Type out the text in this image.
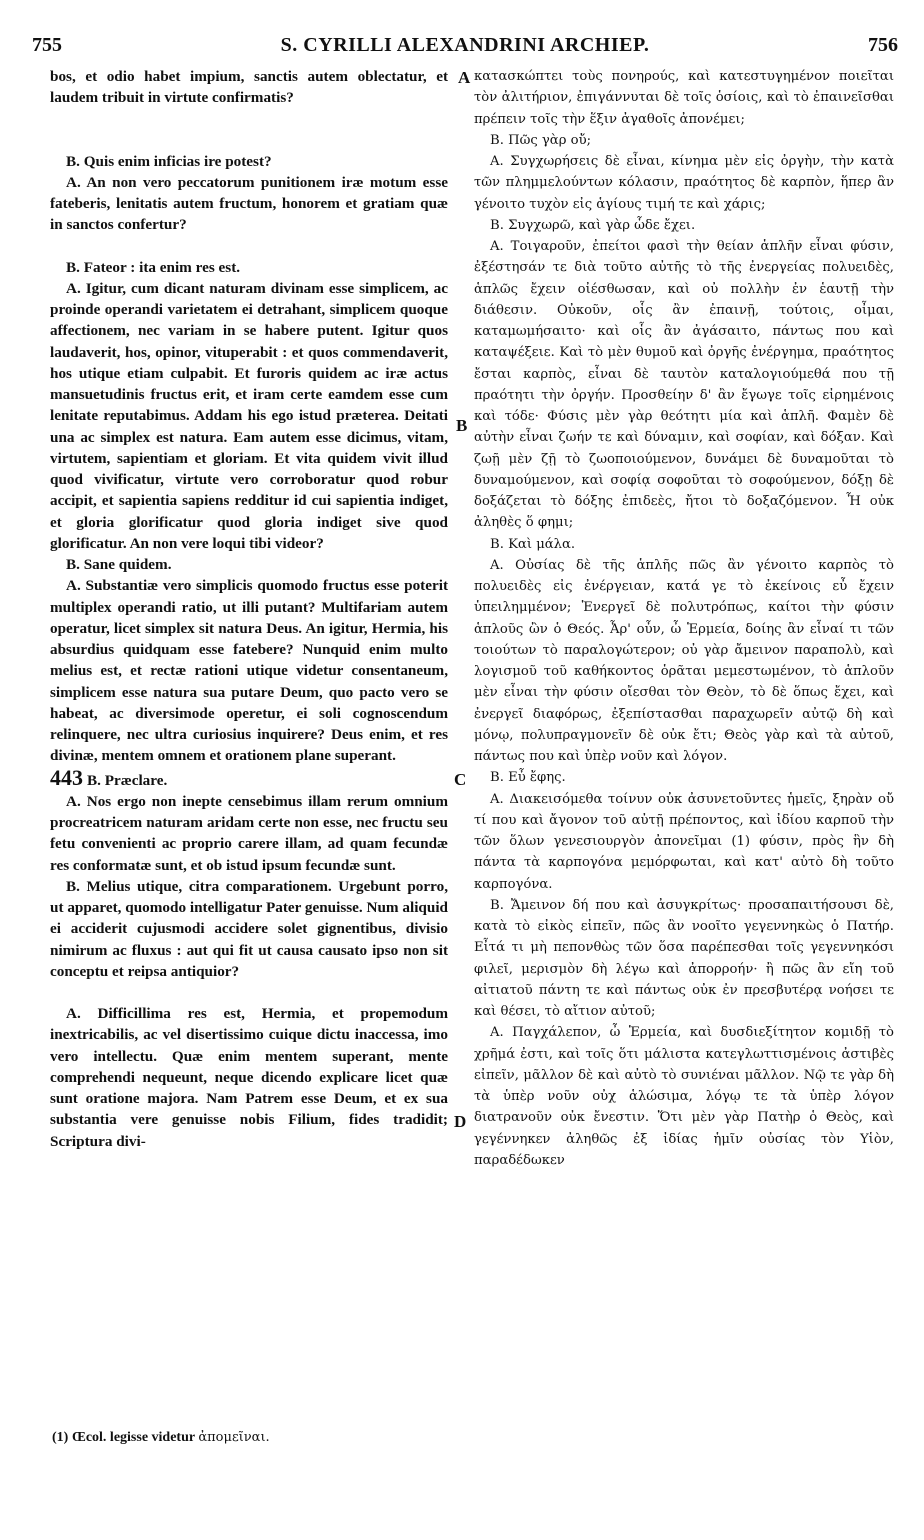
755	S. CYRILLI ALEXANDRINI ARCHIEP.	756

bos, et odio habet impium, sanctis autem oblectatur, et laudem tribuit in virtute confirmatis?

B. Quis enim inficias ire potest?

A. An non vero peccatorum punitionem iræ motum esse fateberis, lenitatis autem fructum, honorem et gratiam quæ in sanctos confertur?

B. Fateor : ita enim res est.

A. Igitur, cum dicant naturam divinam esse simplicem, ac proinde operandi varietatem ei detrahant, simplicem quoque affectionem, nec variam in se habere putent. Igitur quos laudaverit, hos, opinor, vituperabit : et quos commendaverit, hos utique etiam culpabit. Et furoris quidem ac iræ actus mansuetudinis fructus erit, et iram certe eamdem esse cum lenitate reputabimus. Addam his ego istud præterea. Deitati una ac simplex est natura. Eam autem esse dicimus, vitam, virtutem, sapientiam et gloriam. Et vita quidem vivit illud quod vivificatur, virtute vero corroboratur quod robur accipit, et sapientia sapiens redditur id cui sapientia indiget, et gloria glorificatur quod gloria indiget sive quod glorificatur. An non vere loqui tibi videor?

B. Sane quidem.

A. Substantiæ vero simplicis quomodo fructus esse poterit multiplex operandi ratio, ut illi putant? Multifariam autem operatur, licet simplex sit natura Deus. An igitur, Hermia, his absurdius quidquam esse fatebere? Nunquid enim multo melius est, et rectæ rationi utique videtur consentaneum, simplicem esse natura sua putare Deum, quo pacto vero se habeat, ac diversimode operetur, ei soli cognoscendum relinquere, nec ultra curiosius inquirere? Deus enim, et res divinæ, mentem omnem et orationem plane superant.

443 B. Præclare.

A. Nos ergo non inepte censebimus illam rerum omnium procreatricem naturam aridam certe non esse, nec fructu seu fetu convenienti ac proprio carere illam, ad quam fecundæ res conformatæ sunt, et ob istud ipsum fecundæ sunt.

B. Melius utique, citra comparationem. Urgebunt porro, ut apparet, quomodo intelligatur Pater genuisse. Num aliquid ei acciderit cujusmodi accidere solet gignentibus, divisio nimirum ac fluxus : aut qui fit ut causa causato ipso non sit conceptu et reipsa antiquior?

A. Difficillima res est, Hermia, et propemodum inextricabilis, ac vel disertissimo cuique dictu inaccessa, imo vero intellectu. Quæ enim mentem superant, mente comprehendi nequeunt, neque dicendo explicare licet quæ sunt oratione majora. Nam Patrem esse Deum, et ex sua substantia vere genuisse nobis Filium, fides tradidit; Scriptura divi-

A
B
C
D

κατασκώπτει τοὺς πονηρούς, καὶ κατεστυγημένον ποιεῖται τὸν ἀλιτήριον, ἐπιγάννυται δὲ τοῖς ὁσίοις, καὶ τὸ ἐπαινεῖσθαι πρέπειν τοῖς τὴν ἕξιν ἀγαθοῖς ἀπονέμει;

Β. Πῶς γὰρ οὔ;

Α. Συγχωρήσεις δὲ εἶναι, κίνημα μὲν εἰς ὀργὴν, τὴν κατὰ τῶν πλημμελούντων κόλασιν, πραότητος δὲ καρπὸν, ἥπερ ἂν γένοιτο τυχὸν εἰς ἁγίους τιμή τε καὶ χάρις;

Β. Συγχωρῶ, καὶ γὰρ ὧδε ἔχει.

Α. Τοιγαροῦν, ἐπείτοι φασὶ τὴν θείαν ἁπλῆν εἶναι φύσιν, ἐξέστησάν τε διὰ τοῦτο αὐτῆς τὸ τῆς ἐνεργείας πολυειδὲς, ἁπλῶς ἔχειν οἰέσθωσαν, καὶ οὐ πολλὴν ἐν ἑαυτῇ τὴν διάθεσιν. Οὐκοῦν, οἷς ἂν ἐπαινῇ, τούτοις, οἶμαι, καταμωμήσαιτο· καὶ οἷς ἂν ἀγάσαιτο, πάντως που καὶ καταψέξειε. Καὶ τὸ μὲν θυμοῦ καὶ ὀργῆς ἐνέργημα, πραότητος ἔσται καρπὸς, εἶναι δὲ ταυτὸν καταλογιούμεθά που τῇ πραότητι τὴν ὀργήν. Προσθείην δ' ἂν ἔγωγε τοῖς εἰρημένοις καὶ τόδε· Φύσις μὲν γὰρ θεότητι μία καὶ ἁπλῆ. Φαμὲν δὲ αὐτὴν εἶναι ζωήν τε καὶ δύναμιν, καὶ σοφίαν, καὶ δόξαν. Καὶ ζωῇ μὲν ζῇ τὸ ζωοποιούμενον, δυνάμει δὲ δυναμοῦται τὸ δυναμούμενον, καὶ σοφίᾳ σοφοῦται τὸ σοφούμενον, δόξῃ δὲ δοξάζεται τὸ δόξης ἐπιδεὲς, ἤτοι τὸ δοξαζόμενον. Ἦ οὐκ ἀληθὲς ὅ φημι;

Β. Καὶ μάλα.

Α. Οὐσίας δὲ τῆς ἁπλῆς πῶς ἂν γένοιτο καρπὸς τὸ πολυειδὲς εἰς ἐνέργειαν, κατά γε τὸ ἐκείνοις εὖ ἔχειν ὑπειλημμένον; Ἐνεργεῖ δὲ πολυτρόπως, καίτοι τὴν φύσιν ἁπλοῦς ὢν ὁ Θεός. Ἆρ' οὖν, ὦ Ἑρμεία, δοίης ἂν εἶναί τι τῶν τοιούτων τὸ παραλογώτερον; οὐ γὰρ ἄμεινον παραπολὺ, καὶ λογισμοῦ τοῦ καθήκοντος ὁρᾶται μεμεστωμένον, τὸ ἁπλοῦν μὲν εἶναι τὴν φύσιν οἴεσθαι τὸν Θεὸν, τὸ δὲ ὅπως ἔχει, καὶ ἐνεργεῖ διαφόρως, ἐξεπίστασθαι παραχωρεῖν αὐτῷ δὴ καὶ μόνῳ, πολυπραγμονεῖν δὲ οὐκ ἔτι; Θεὸς γὰρ καὶ τὰ αὐτοῦ, πάντως που καὶ ὑπὲρ νοῦν καὶ λόγον.

Β. Εὖ ἔφης.

Α. Διακεισόμεθα τοίνυν οὐκ ἀσυνετοῦντες ἡμεῖς, ξηρὰν οὔ τί που καὶ ἄγονον τοῦ αὐτῇ πρέποντος, καὶ ἰδίου καρποῦ τὴν τῶν ὅλων γενεσιουργὸν ἀπονεῖμαι (1) φύσιν, πρὸς ἣν δὴ πάντα τὰ καρπογόνα μεμόρφωται, καὶ κατ' αὐτὸ δὴ τοῦτο καρπογόνα.

Β. Ἄμεινον δή που καὶ ἀσυγκρίτως· προσαπαιτήσουσι δὲ, κατὰ τὸ εἰκὸς εἰπεῖν, πῶς ἂν νοοῖτο γεγεννηκὼς ὁ Πατήρ. Εἶτά τι μὴ πεπονθὼς τῶν ὅσα παρέπεσθαι τοῖς γεγεννηκόσι φιλεῖ, μερισμὸν δὴ λέγω καὶ ἀπορροήν· ἢ πῶς ἂν εἴη τοῦ αἰτιατοῦ πάντη τε καὶ πάντως οὐκ ἐν πρεσβυτέρᾳ νοήσει τε καὶ θέσει, τὸ αἴτιον αὐτοῦ;

Α. Παγχάλεπον, ὦ Ἑρμεία, καὶ δυσδιεξίτητον κομιδῇ τὸ χρῆμά ἐστι, καὶ τοῖς ὅτι μάλιστα κατεγλωττισμένοις ἀστιβὲς εἰπεῖν, μᾶλλον δὲ καὶ αὐτὸ τὸ συνιέναι μᾶλλον. Νῷ τε γὰρ δὴ τὰ ὑπὲρ νοῦν οὐχ ἁλώσιμα, λόγῳ τε τὰ ὑπὲρ λόγον διατρανοῦν οὐκ ἔνεστιν. Ὅτι μὲν γὰρ Πατὴρ ὁ Θεὸς, καὶ γεγέννηκεν ἀληθῶς ἐξ ἰδίας ἡμῖν οὐσίας τὸν Υἱὸν, παραδέδωκεν

(1) Œcol. legisse videtur ἀπομεῖναι.
